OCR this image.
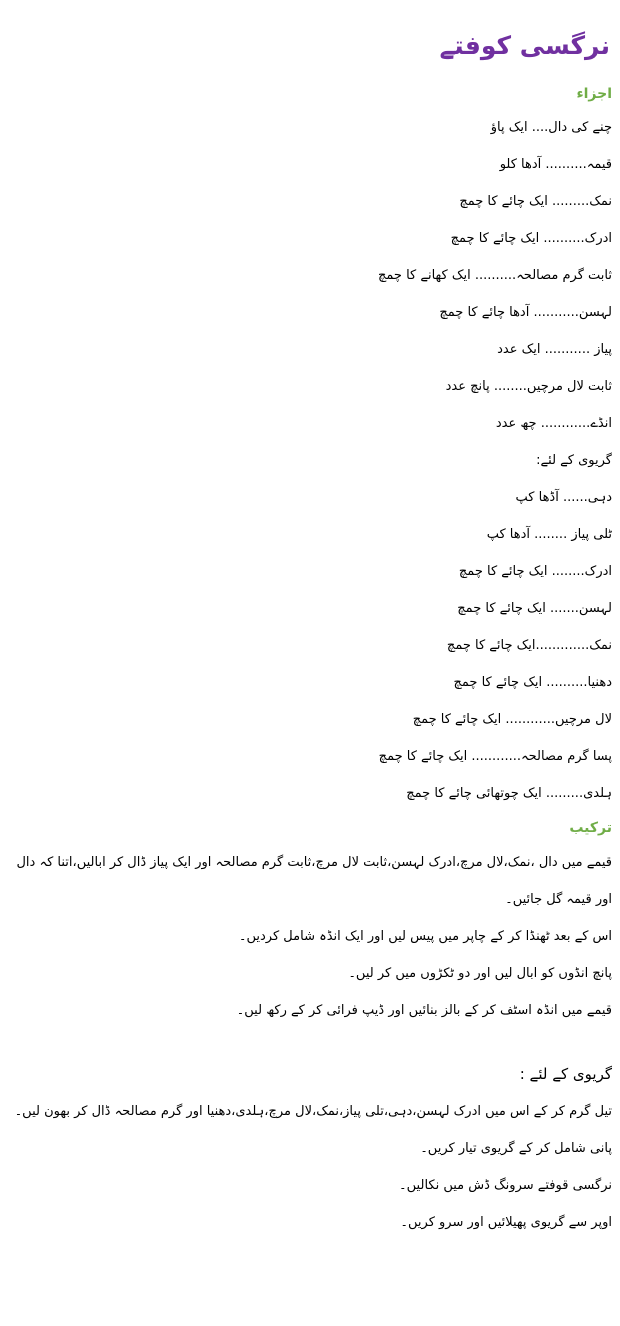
نرگسی کوفتے
اجزاء

چنے کی دال.... ایک پاؤ

قیمہ.......... آدھا کلو

نمک......... ایک چائے کا چمچ

ادرک.......... ایک چائے کا چمچ

ثابت گرم مصالحہ.......... ایک کھانے کا چمچ

لہسن........... آدھا چائے کا چمچ

پیاز ........... ایک عدد

ثابت لال مرچیں........ پانچ عدد

انڈے............ چھ عدد

گریوی کے لئے:

دہی...... آڈھا کپ

ٹلی پیاز ........ آدھا کپ

ادرک........ ایک چائے کا چمچ

لہسن....... ایک چائے کا چمچ

نمک.............ایک چائے کا چمچ

دھنیا.......... ایک چائے کا چمچ

لال مرچیں............ ایک چائے کا چمچ

پسا گرم مصالحہ............ ایک چائے کا چمچ

ہلدی......... ایک چوتھائی چائے کا چمچ

ترکیب

قیمے میں دال ،نمک،لال مرچ،ادرک لہسن،ثابت لال مرچ،ثابت گرم مصالحہ اور ایک پیاز ڈال کر ابالیں،اتنا کہ دال اور قیمہ گل جائیں۔

اس کے بعد ٹھنڈا کر کے چاپر میں پیس لیں اور ایک انڈہ شامل کردیں۔

پانچ انڈوں کو ابال لیں اور دو ٹکڑوں میں کر لیں۔

قیمے میں انڈہ اسٹف کر کے بالز بنائیں اور ڈیپ فرائی کر کے رکھ لیں۔

گریوی کے لئے :

تیل گرم کر کے اس میں ادرک لہسن،دہی،تلی پیاز،نمک،لال مرچ،ہلدی،دھنیا اور گرم مصالحہ ڈال کر بھون لیں۔

پانی شامل کر کے گریوی تیار کریں۔

نرگسی قوفتے سرونگ ڈش میں نکالیں۔

اوپر سے گریوی پھیلائیں اور سرو کریں۔
